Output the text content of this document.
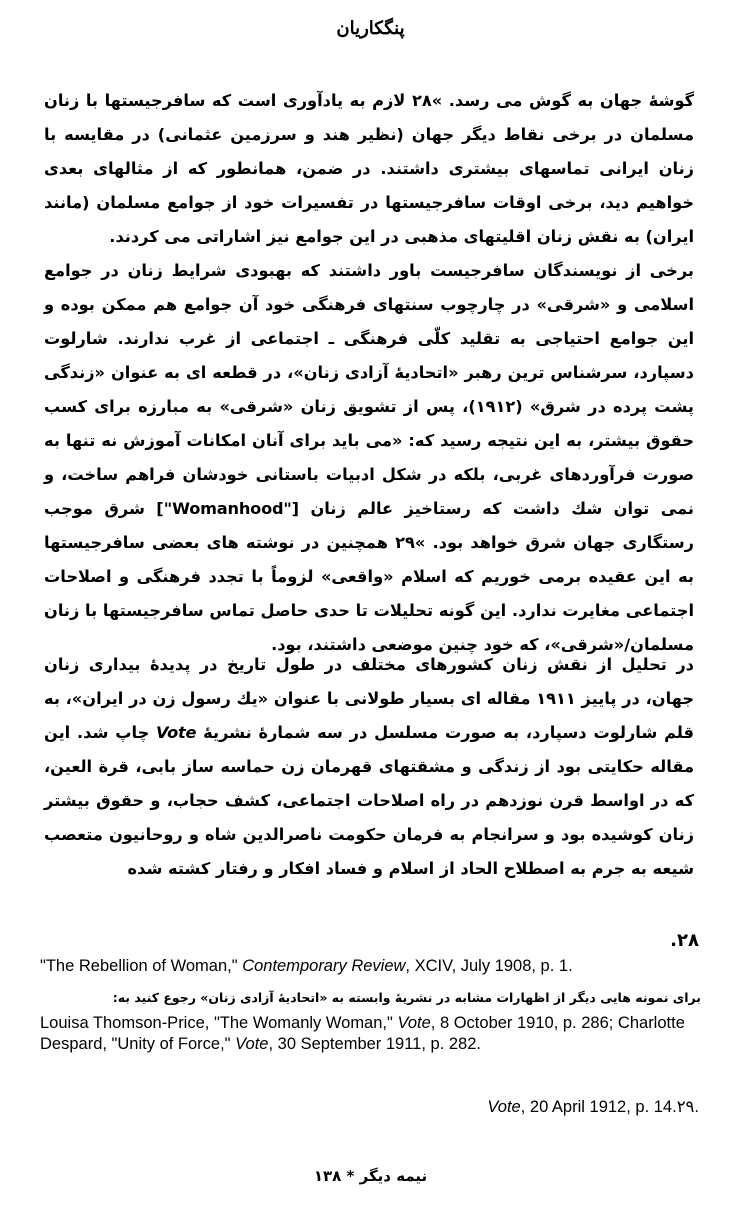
پنگکاریان
گوشهٔ جهان به گوش می رسد. »۲۸ لازم به یادآوری است که سافرجیستها با زنان مسلمان در برخی نقاط دیگر جهان (نظیر هند و سرزمین عثمانی) در مقایسه با زنان ایرانی تماسهای بیشتری داشتند. در ضمن، همانطور که از مثالهای بعدی خواهیم دید، برخی اوقات سافرجیستها در تفسیرات خود از جوامع مسلمان (مانند ایران) به نقش زنان اقلیتهای مذهبی در این جوامع نیز اشاراتی می کردند.
برخی از نویسندگان سافرجیست باور داشتند که بهبودی شرایط زنان در جوامع اسلامی و «شرقی» در چارچوب سنتهای فرهنگی خود آن جوامع هم ممکن بوده و این جوامع احتیاجی به تقلید کلّی فرهنگی ـ اجتماعی از غرب ندارند. شارلوت دسپارد، سرشناس ترین رهبر «اتحادیهٔ آزادی زنان»، در قطعه ای به عنوان «زندگی پشت پرده در شرق» (۱۹۱۲)، پس از تشویق زنان «شرقی» به مبارزه برای کسب حقوق بیشتر، به این نتیجه رسید که: «می باید برای آنان امکانات آموزش نه تنها به صورت فرآوردهای غربی، بلکه در شکل ادبیات باستانی خودشان فراهم ساخت، و نمی توان شك داشت که رستاخیز عالم زنان ["Womanhood"] شرق موجب رستگاری جهان شرق خواهد بود. »۲۹ همچنین در نوشته های بعضی سافرجیستها به این عقیده برمی خوریم که اسلام «واقعی» لزوماً با تجدد فرهنگی و اصلاحات اجتماعی مغایرت ندارد. این گونه تحلیلات تا حدی حاصل تماس سافرجیستها با زنان مسلمان/«شرقی»، که خود چنین موضعی داشتند، بود.
در تحلیل از نقش زنان کشورهای مختلف در طول تاریخ در پدیدهٔ بیداری زنان جهان، در پاییز ۱۹۱۱ مقاله ای بسیار طولانی با عنوان «یك رسول زن در ایران»، به قلم شارلوت دسپارد، به صورت مسلسل در سه شمارهٔ نشریهٔ Vote چاپ شد. این مقاله حکایتی بود از زندگی و مشقتهای قهرمان زن حماسه ساز بابی، قرة العین، که در اواسط قرن نوزدهم در راه اصلاحات اجتماعی، کشف حجاب، و حقوق بیشتر زنان کوشیده بود و سرانجام به فرمان حکومت ناصرالدین شاه و روحانیون متعصب شیعه به جرم به اصطلاح الحاد از اسلام و فساد افکار و رفتار کشته شده
۲۸.
"The Rebellion of Woman," Contemporary Review, XCIV, July 1908, p. 1.
برای نمونه هایی دیگر از اظهارات مشابه در نشریهٔ وابسته به «اتحادیهٔ آزادی زنان» رجوع کنید به:
Louisa Thomson-Price, "The Womanly Woman," Vote, 8 October 1910, p. 286; Charlotte Despard, "Unity of Force," Vote, 30 September 1911, p. 282.
Vote, 20 April 1912, p. 14.۲۹.
نیمه دیگر * ۱۳۸
